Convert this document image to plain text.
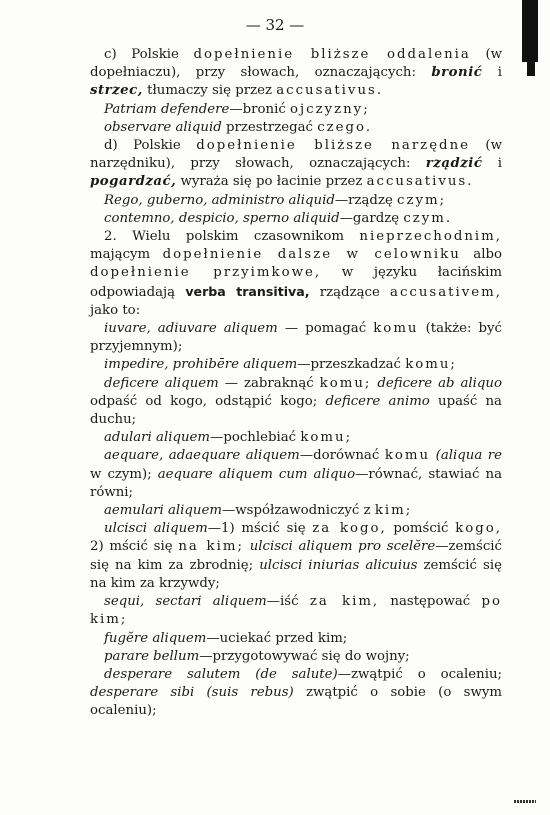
— 32 —

c) Polskie dopełnienie bliższe oddalenia (w dopełniaczu), przy słowach, oznaczających: bronić i strzec, tłumaczy się przez accusativus.

Patriam defendere—bronić ojczyzny;

observare aliquid przestrzegać czego.

d) Polskie dopełnienie bliższe narzędne (w narzędniku), przy słowach, oznaczających: rządzić i pogardzać, wyraża się po łacinie przez accusativus.

Rego, guberno, administro aliquid—rządzę czym;

contemno, despicio, sperno aliquid—gardzę czym.

2. Wielu polskim czasownikom nieprzechodnim, mającym dopełnienie dalsze w celowniku albo dopełnienie przyimkowe, w języku łacińskim odpowiadają verba transitiva, rządzące accusativem, jako to:

iuvare, adiuvare aliquem — pomagać komu (także: być przyjemnym);

impedire, prohibēre aliquem—przeszkadzać komu;

deficere aliquem — zabraknąć komu; deficere ab aliquo odpaść od kogo, odstąpić kogo; deficere animo upaść na duchu;

adulari aliquem—pochlebiać komu;

aequare, adaequare aliquem—dorównać komu (aliqua re w czym); aequare aliquem cum aliquo—równać, stawiać na równi;

aemulari aliquem—współzawodniczyć z kim;

ulcisci aliquem—1) mścić się za kogo, pomścić kogo, 2) mścić się na kim; ulcisci aliquem pro scelĕre—zemścić się na kim za zbrodnię; ulcisci iniurias alicuius zemścić się na kim za krzywdy;

sequi, sectari aliquem—iść za kim, następować po kim;

fugĕre aliquem—uciekać przed kim;

parare bellum—przygotowywać się do wojny;

desperare salutem (de salute)—zwątpić o ocaleniu; desperare sibi (suis rebus) zwątpić o sobie (o swym ocaleniu);
